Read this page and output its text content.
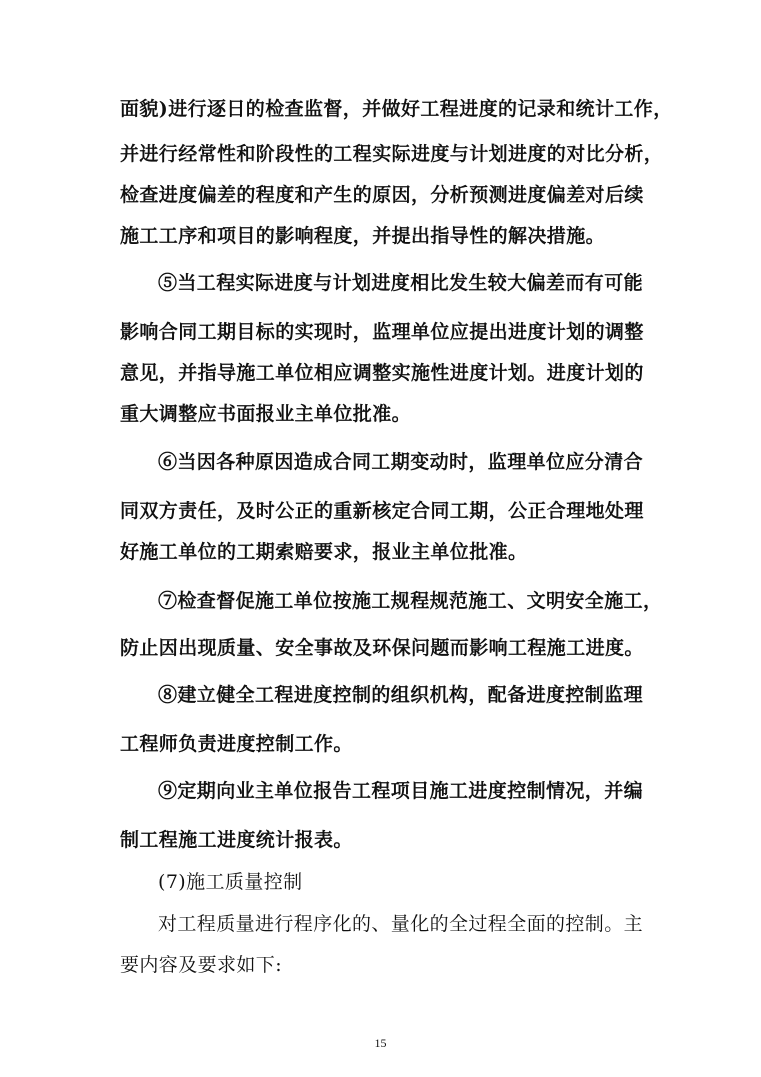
面貌)进行逐日的检查监督，并做好工程进度的记录和统计工作，
并进行经常性和阶段性的工程实际进度与计划进度的对比分析，
检查进度偏差的程度和产生的原因，分析预测进度偏差对后续
施工工序和项目的影响程度，并提出指导性的解决措施。
⑤当工程实际进度与计划进度相比发生较大偏差而有可能
影响合同工期目标的实现时，监理单位应提出进度计划的调整
意见，并指导施工单位相应调整实施性进度计划。进度计划的
重大调整应书面报业主单位批准。
⑥当因各种原因造成合同工期变动时，监理单位应分清合
同双方责任，及时公正的重新核定合同工期，公正合理地处理
好施工单位的工期索赔要求，报业主单位批准。
⑦检查督促施工单位按施工规程规范施工、文明安全施工，
防止因出现质量、安全事故及环保问题而影响工程施工进度。
⑧建立健全工程进度控制的组织机构，配备进度控制监理
工程师负责进度控制工作。
⑨定期向业主单位报告工程项目施工进度控制情况，并编
制工程施工进度统计报表。
(7)施工质量控制
对工程质量进行程序化的、量化的全过程全面的控制。主
要内容及要求如下:
15
